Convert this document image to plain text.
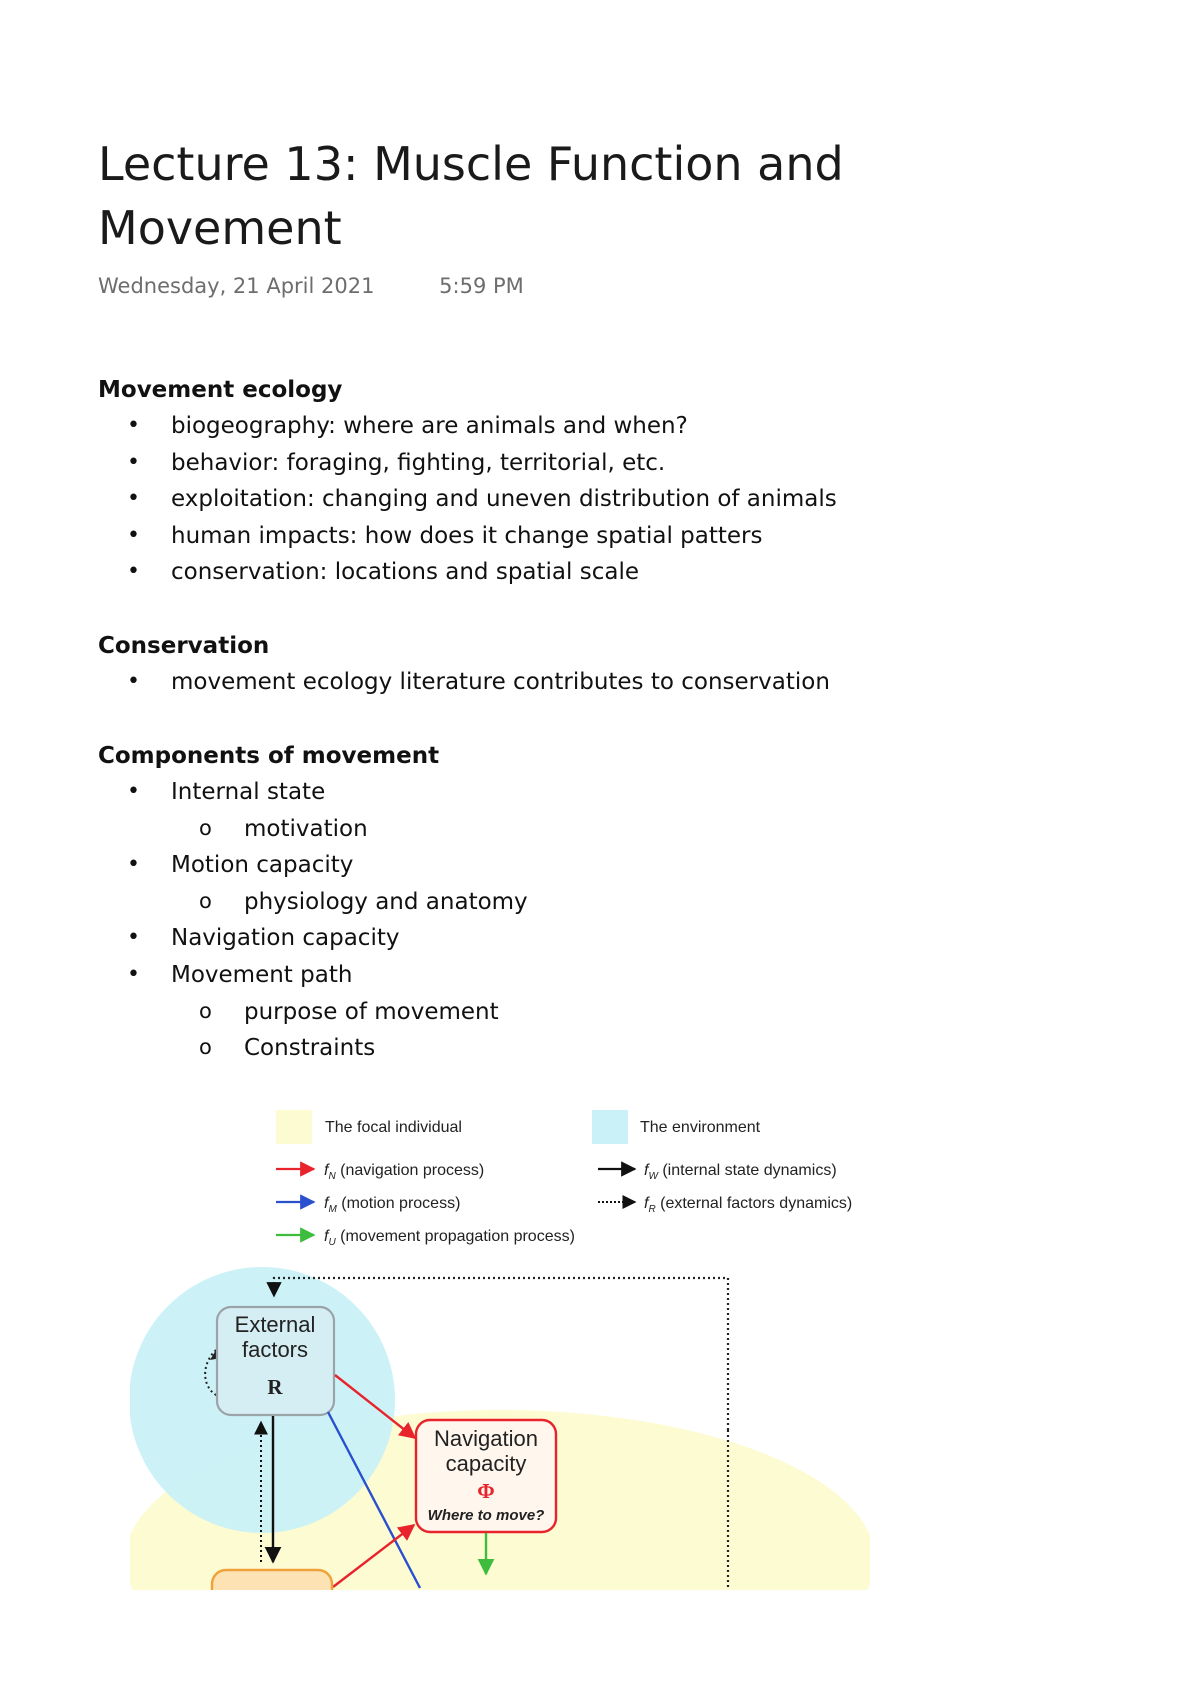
Lecture 13: Muscle Function and Movement
Wednesday, 21 April 2021	5:59 PM

Movement ecology

• biogeography: where are animals and when?
• behavior: foraging, fighting, territorial, etc.
• exploitation: changing and uneven distribution of animals
• human impacts: how does it change spatial patters
• conservation: locations and spatial scale

Conservation

• movement ecology literature contributes to conservation

Components of movement

• Internal state
o motivation
• Motion capacity
o physiology and anatomy
• Navigation capacity
• Movement path
o purpose of movement
o Constraints
The focal individual	The environment
$f_N$ (navigation process)
$f_M$ (motion process)
$f_U$ (movement propagation process)
$f_W$ (internal state dynamics)
$f_R$ (external factors dynamics)
External
factors
R
Navigation
capacity
Φ
Where to move?
